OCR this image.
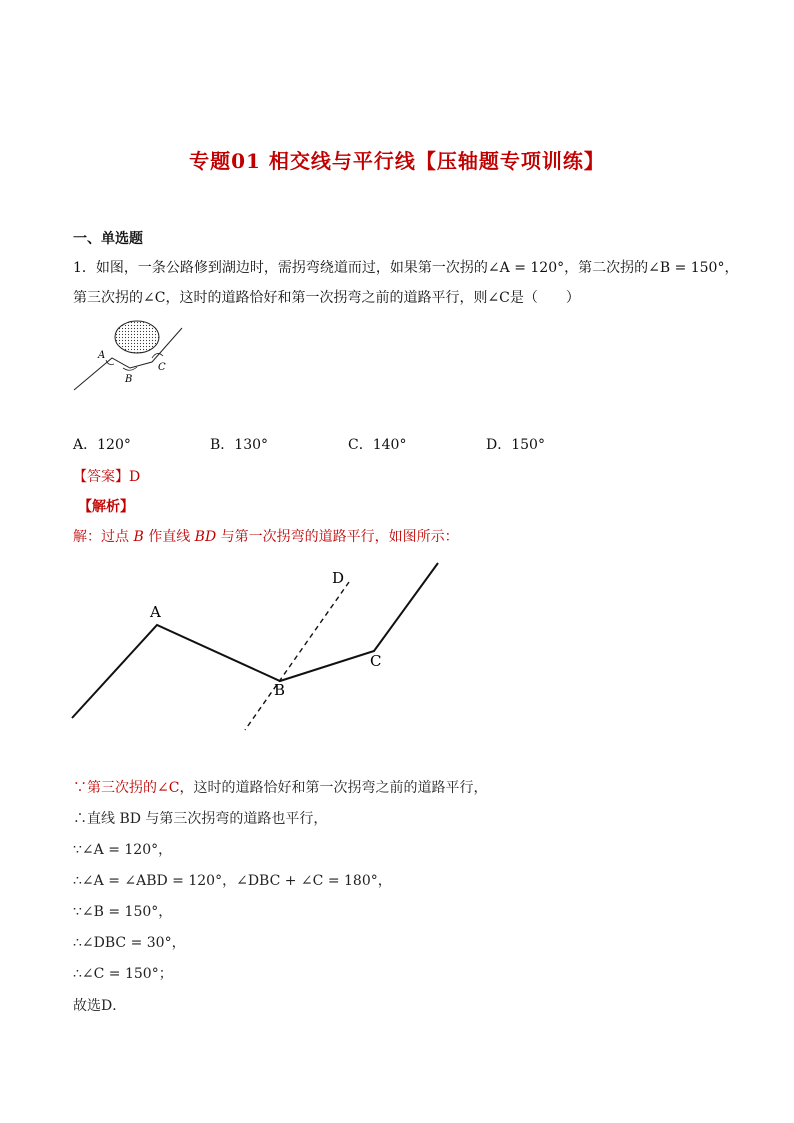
专题01 相交线与平行线【压轴题专项训练】
一、单选题
1．如图，一条公路修到湖边时，需拐弯绕道而过，如果第一次拐的∠A = 120°，第二次拐的∠B = 150°，
第三次拐的∠C，这时的道路恰好和第一次拐弯之前的道路平行，则∠C是（　　）
A
B
C
A．120°	B．130°	C．140°	D．150°
【答案】D
【解析】
解：过点 B 作直线 BD 与第一次拐弯的道路平行，如图所示：
A
B
C
D
∵第三次拐的∠C，这时的道路恰好和第一次拐弯之前的道路平行，
∴直线 BD 与第三次拐弯的道路也平行，
∵∠A = 120°，
∴∠A = ∠ABD = 120°，∠DBC + ∠C = 180°，
∵∠B = 150°，
∴∠DBC = 30°，
∴∠C = 150°；
故选D．
